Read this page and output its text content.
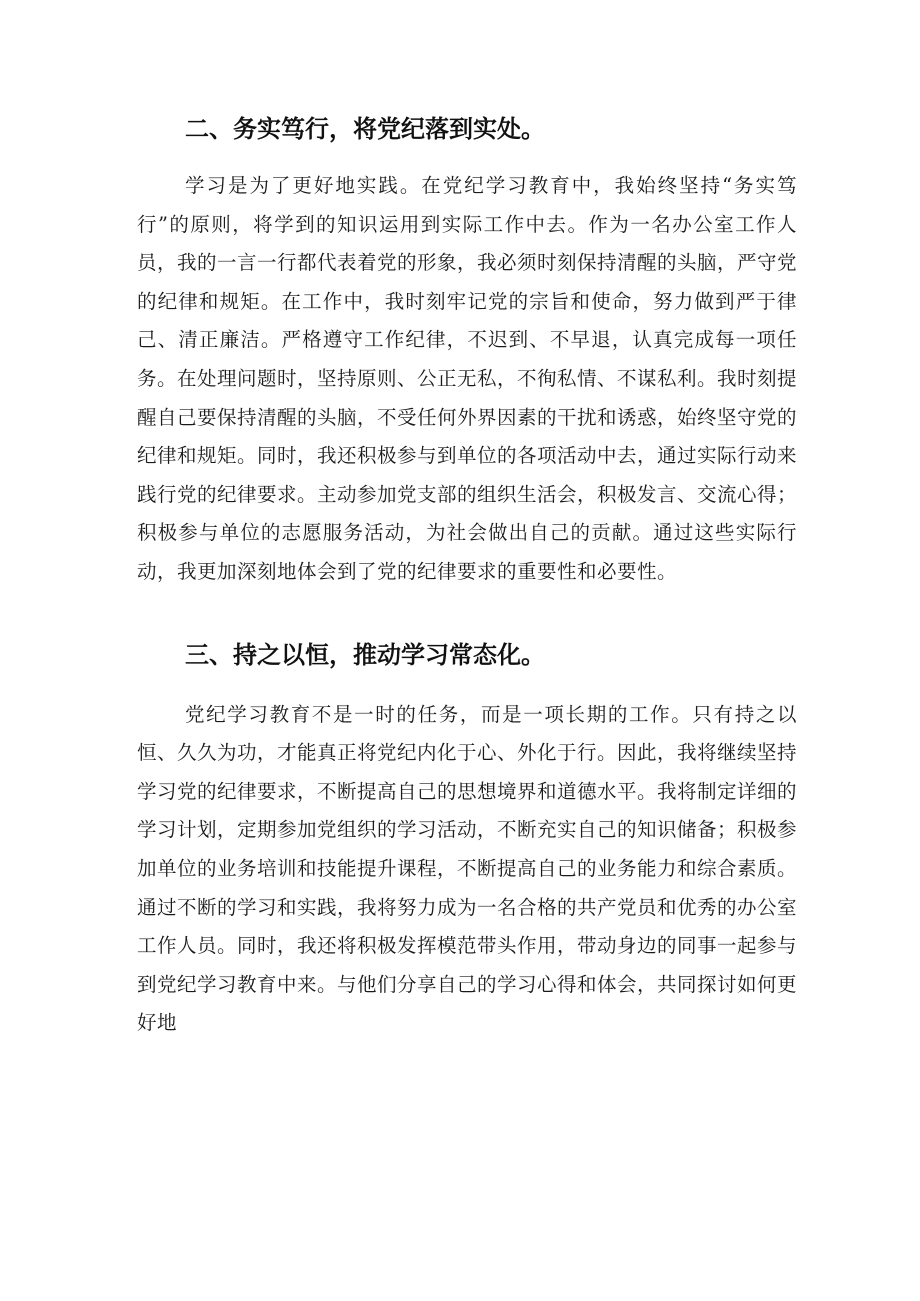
二、务实笃行，将党纪落到实处。

学习是为了更好地实践。在党纪学习教育中，我始终坚持“务实笃行”的原则，将学到的知识运用到实际工作中去。作为一名办公室工作人员，我的一言一行都代表着党的形象，我必须时刻保持清醒的头脑，严守党的纪律和规矩。在工作中，我时刻牢记党的宗旨和使命，努力做到严于律己、清正廉洁。严格遵守工作纪律，不迟到、不早退，认真完成每一项任务。在处理问题时，坚持原则、公正无私，不徇私情、不谋私利。我时刻提醒自己要保持清醒的头脑，不受任何外界因素的干扰和诱惑，始终坚守党的纪律和规矩。同时，我还积极参与到单位的各项活动中去，通过实际行动来践行党的纪律要求。主动参加党支部的组织生活会，积极发言、交流心得；积极参与单位的志愿服务活动，为社会做出自己的贡献。通过这些实际行动，我更加深刻地体会到了党的纪律要求的重要性和必要性。

三、持之以恒，推动学习常态化。

党纪学习教育不是一时的任务，而是一项长期的工作。只有持之以恒、久久为功，才能真正将党纪内化于心、外化于行。因此，我将继续坚持学习党的纪律要求，不断提高自己的思想境界和道德水平。我将制定详细的学习计划，定期参加党组织的学习活动，不断充实自己的知识储备；积极参加单位的业务培训和技能提升课程，不断提高自己的业务能力和综合素质。通过不断的学习和实践，我将努力成为一名合格的共产党员和优秀的办公室工作人员。同时，我还将积极发挥模范带头作用，带动身边的同事一起参与到党纪学习教育中来。与他们分享自己的学习心得和体会，共同探讨如何更好地
